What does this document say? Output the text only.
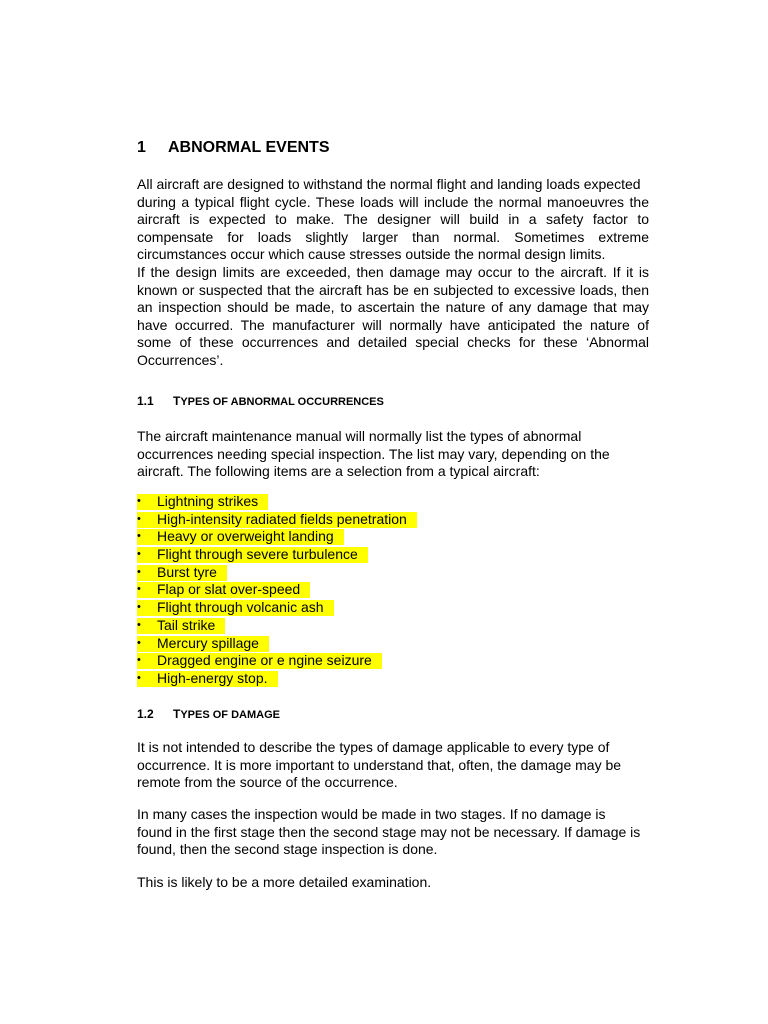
1 ABNORMAL EVENTS

All aircraft are designed to withstand the normal flight and landing loads expected
during a typical flight cycle. These loads will include the normal manoeuvres the
aircraft is expected to make. The designer will build in a safety factor to
compensate for loads slightly larger than normal. Sometimes extreme
circumstances occur which cause stresses outside the normal design limits.

If the design limits are exceeded, then damage may occur to the aircraft. If it is
known or suspected that the aircraft has be en subjected to excessive loads, then
an inspection should be made, to ascertain the nature of any damage that may
have occurred. The manufacturer will normally have anticipated the nature of
some of these occurrences and detailed special checks for these ‘Abnormal
Occurrences’.

1.1 TYPES OF ABNORMAL OCCURRENCES

The aircraft maintenance manual will normally list the types of abnormal
occurrences needing special inspection. The list may vary, depending on the
aircraft. The following items are a selection from a typical aircraft:

•	Lightning strikes
•	High-intensity radiated fields penetration
•	Heavy or overweight landing
•	Flight through severe turbulence
•	Burst tyre
•	Flap or slat over-speed
•	Flight through volcanic ash
•	Tail strike
•	Mercury spillage
•	Dragged engine or e ngine seizure
•	High-energy stop.
1.2 TYPES OF DAMAGE

It is not intended to describe the types of damage applicable to every type of
occurrence. It is more important to understand that, often, the damage may be
remote from the source of the occurrence.

In many cases the inspection would be made in two stages. If no damage is
found in the first stage then the second stage may not be necessary. If damage is
found, then the second stage inspection is done.

This is likely to be a more detailed examination.
